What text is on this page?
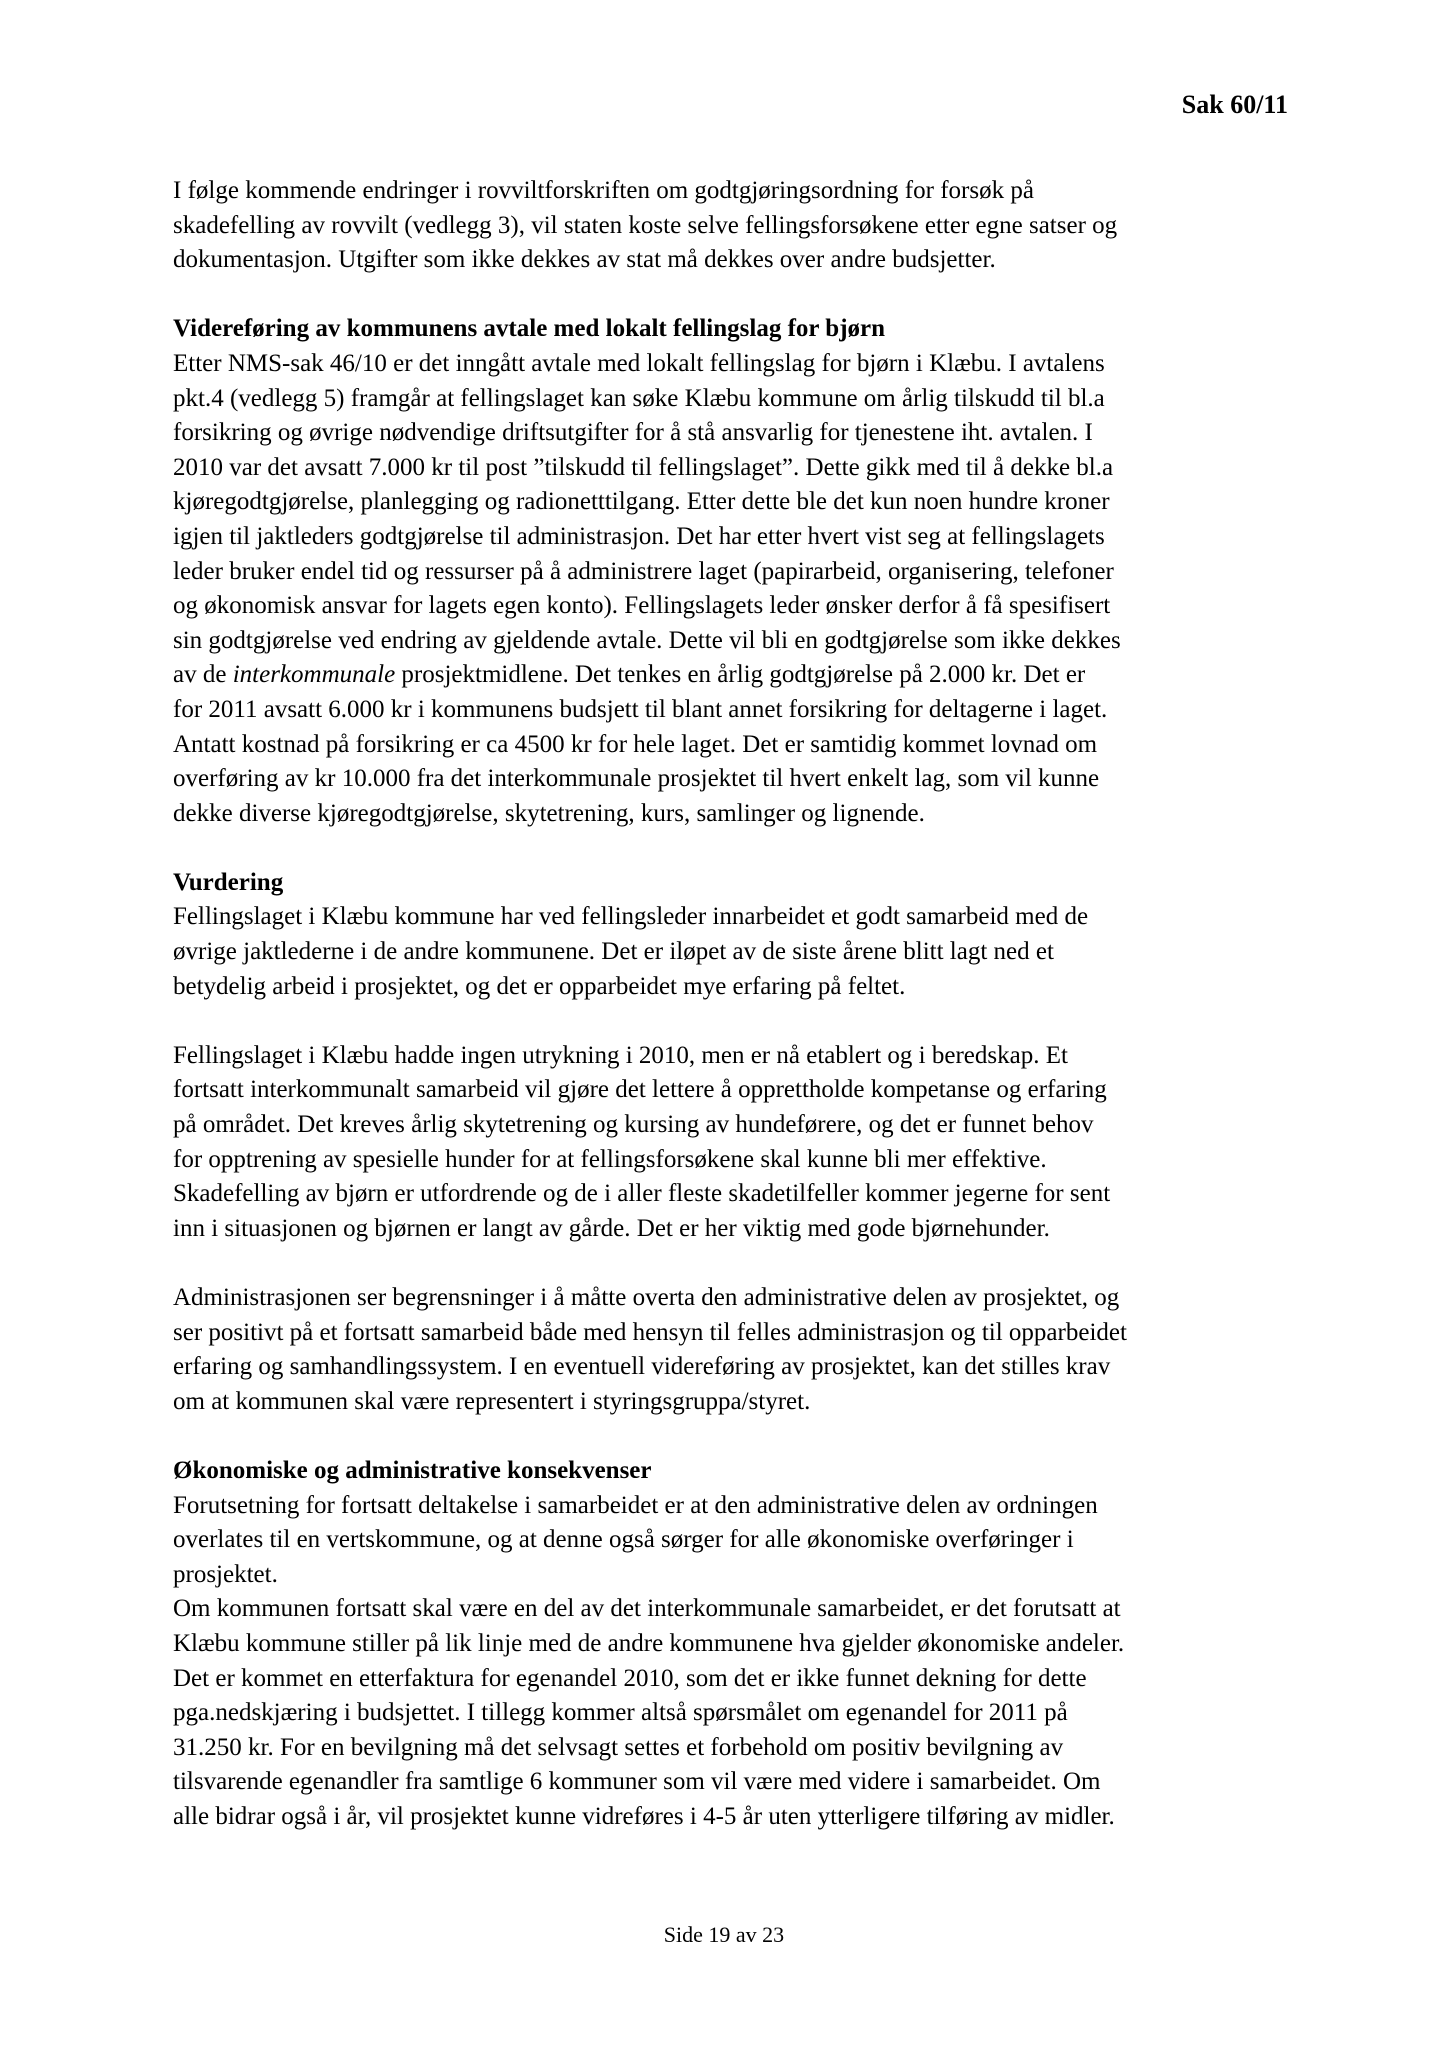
Sak 60/11
I følge kommende endringer i rovviltforskriften om godtgjøringsordning for forsøk på
skadefelling av rovvilt (vedlegg 3), vil staten koste selve fellingsforsøkene etter egne satser og
dokumentasjon. Utgifter som ikke dekkes av stat må dekkes over andre budsjetter.
Videreføring av kommunens avtale med lokalt fellingslag for bjørn
Etter NMS-sak 46/10 er det inngått avtale med lokalt fellingslag for bjørn i Klæbu. I avtalens
pkt.4 (vedlegg 5) framgår at fellingslaget kan søke Klæbu kommune om årlig tilskudd til bl.a
forsikring og øvrige nødvendige driftsutgifter for å stå ansvarlig for tjenestene iht. avtalen. I
2010 var det avsatt 7.000 kr til post ”tilskudd til fellingslaget”. Dette gikk med til å dekke bl.a
kjøregodtgjørelse, planlegging og radionetttilgang. Etter dette ble det kun noen hundre kroner
igjen til jaktleders godtgjørelse til administrasjon. Det har etter hvert vist seg at fellingslagets
leder bruker endel tid og ressurser på å administrere laget (papirarbeid, organisering, telefoner
og økonomisk ansvar for lagets egen konto). Fellingslagets leder ønsker derfor å få spesifisert
sin godtgjørelse ved endring av gjeldende avtale. Dette vil bli en godtgjørelse som ikke dekkes
av de interkommunale prosjektmidlene. Det tenkes en årlig godtgjørelse på 2.000 kr. Det er
for 2011 avsatt 6.000 kr i kommunens budsjett til blant annet forsikring for deltagerne i laget.
Antatt kostnad på forsikring er ca 4500 kr for hele laget. Det er samtidig kommet lovnad om
overføring av kr 10.000 fra det interkommunale prosjektet til hvert enkelt lag, som vil kunne
dekke diverse kjøregodtgjørelse, skytetrening, kurs, samlinger og lignende.
Vurdering
Fellingslaget i Klæbu kommune har ved fellingsleder innarbeidet et godt samarbeid med de
øvrige jaktlederne i de andre kommunene. Det er iløpet av de siste årene blitt lagt ned et
betydelig arbeid i prosjektet, og det er opparbeidet mye erfaring på feltet.
Fellingslaget i Klæbu hadde ingen utrykning i 2010, men er nå etablert og i beredskap. Et
fortsatt interkommunalt samarbeid vil gjøre det lettere å opprettholde kompetanse og erfaring
på området. Det kreves årlig skytetrening og kursing av hundeførere, og det er funnet behov
for opptrening av spesielle hunder for at fellingsforsøkene skal kunne bli mer effektive.
Skadefelling av bjørn er utfordrende og de i aller fleste skadetilfeller kommer jegerne for sent
inn i situasjonen og bjørnen er langt av gårde. Det er her viktig med gode bjørnehunder.
Administrasjonen ser begrensninger i å måtte overta den administrative delen av prosjektet, og
ser positivt på et fortsatt samarbeid både med hensyn til felles administrasjon og til opparbeidet
erfaring og samhandlingssystem. I en eventuell videreføring av prosjektet, kan det stilles krav
om at kommunen skal være representert i styringsgruppa/styret.
Økonomiske og administrative konsekvenser
Forutsetning for fortsatt deltakelse i samarbeidet er at den administrative delen av ordningen
overlates til en vertskommune, og at denne også sørger for alle økonomiske overføringer i
prosjektet.
Om kommunen fortsatt skal være en del av det interkommunale samarbeidet, er det forutsatt at
Klæbu kommune stiller på lik linje med de andre kommunene hva gjelder økonomiske andeler.
Det er kommet en etterfaktura for egenandel 2010, som det er ikke funnet dekning for dette
pga.nedskjæring i budsjettet. I tillegg kommer altså spørsmålet om egenandel for 2011 på
31.250 kr. For en bevilgning må det selvsagt settes et forbehold om positiv bevilgning av
tilsvarende egenandler fra samtlige 6 kommuner som vil være med videre i samarbeidet. Om
alle bidrar også i år, vil prosjektet kunne vidreføres i 4-5 år uten ytterligere tilføring av midler.
Side 19 av 23
